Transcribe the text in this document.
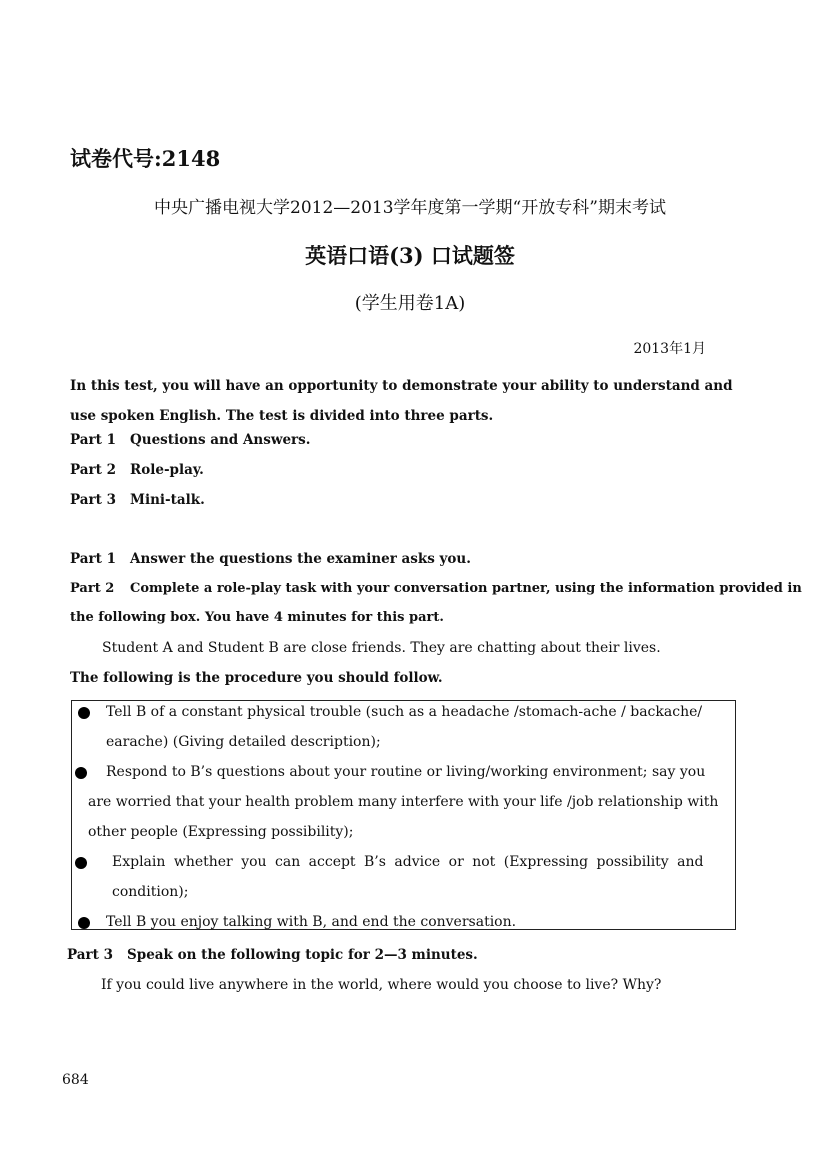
试卷代号:2148
中央广播电视大学2012—2013学年度第一学期“开放专科”期末考试
英语口语(3) 口试题签
(学生用卷1A)
2013年1月
In this test, you will have an opportunity to demonstrate your ability to understand and use spoken English. The test is divided into three parts.
Part 1 Questions and Answers.
Part 2 Role-play.
Part 3 Mini-talk.
Part 1 Answer the questions the examiner asks you.
Part 2 Complete a role-play task with your conversation partner, using the information provided in
the following box. You have 4 minutes for this part.
Student A and Student B are close friends. They are chatting about their lives.
The following is the procedure you should follow.
Tell B of a constant physical trouble (such as a headache /stomach-ache / backache/
earache) (Giving detailed description);
Respond to B’s questions about your routine or living/working environment; say you
are worried that your health problem many interfere with your life /job relationship with
other people (Expressing possibility);
Explain whether you can accept B’s advice or not (Expressing possibility and
condition);
Tell B you enjoy talking with B, and end the conversation.
Part 3 Speak on the following topic for 2—3 minutes.
If you could live anywhere in the world, where would you choose to live? Why?
684
